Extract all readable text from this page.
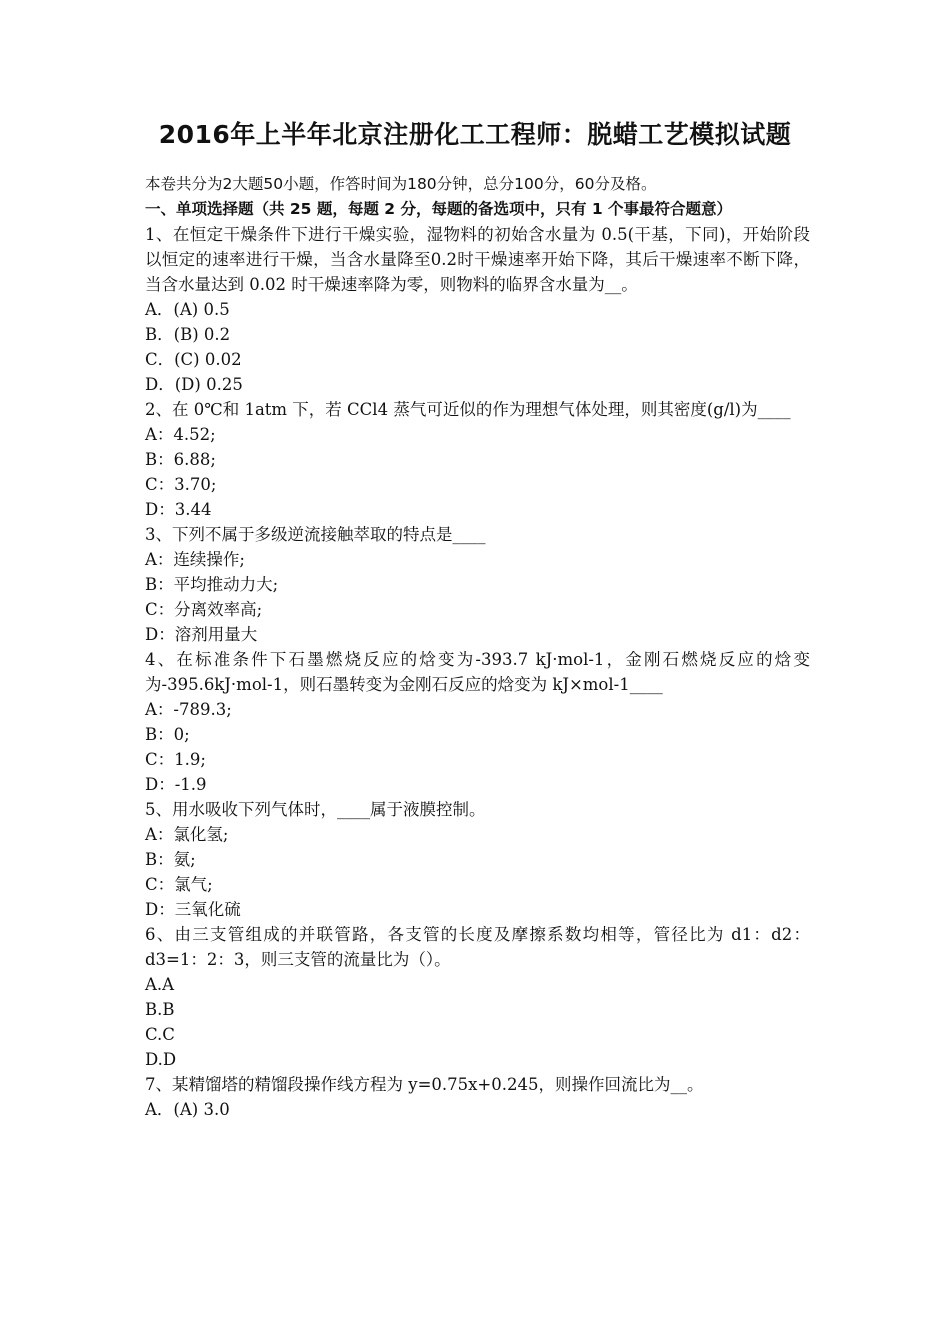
2016年上半年北京注册化工工程师：脱蜡工艺模拟试题
本卷共分为2大题50小题，作答时间为180分钟，总分100分，60分及格。
一、单项选择题（共 25 题，每题 2 分，每题的备选项中，只有 1 个事最符合题意）
1、在恒定干燥条件下进行干燥实验，湿物料的初始含水量为 0.5(干基，下同)，开始阶段以恒定的速率进行干燥，当含水量降至0.2时干燥速率开始下降，其后干燥速率不断下降，当含水量达到 0.02 时干燥速率降为零，则物料的临界含水量为__。
A．(A) 0.5
B．(B) 0.2
C．(C) 0.02
D．(D) 0.25
2、在 0℃和 1atm 下，若 CCl4 蒸气可近似的作为理想气体处理，则其密度(g/l)为____
A：4.52;
B：6.88;
C：3.70;
D：3.44
3、下列不属于多级逆流接触萃取的特点是____
A：连续操作;
B：平均推动力大;
C：分离效率高;
D：溶剂用量大
4、在标准条件下石墨燃烧反应的焓变为-393.7 kJ·mol-1，金刚石燃烧反应的焓变为-395.6kJ·mol-1，则石墨转变为金刚石反应的焓变为 kJ×mol-1____
A：-789.3;
B：0;
C：1.9;
D：-1.9
5、用水吸收下列气体时，____属于液膜控制。
A：氯化氢;
B：氨;
C：氯气;
D：三氧化硫
6、由三支管组成的并联管路，各支管的长度及摩擦系数均相等，管径比为 d1：d2：d3=1：2：3，则三支管的流量比为（）。
A.A
B.B
C.C
D.D
7、某精馏塔的精馏段操作线方程为 y=0.75x+0.245，则操作回流比为__。
A．(A) 3.0
